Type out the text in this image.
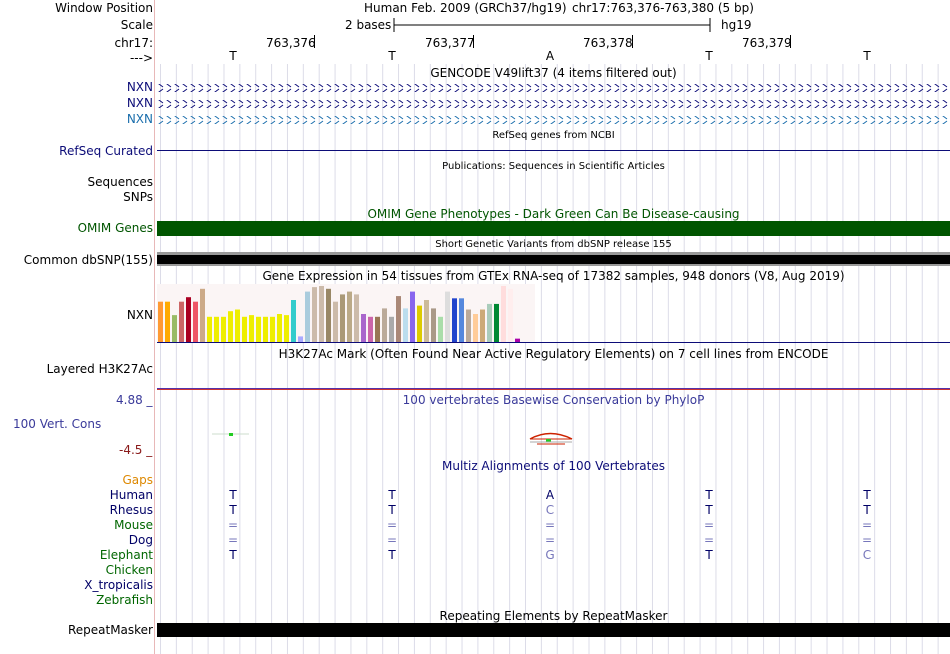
Window Position	Human Feb. 2009 (GRCh37/hg19) chr17:763,376-763,380 (5 bp)
Scale	2 bases	hg19
chr17:	763,376	763,377	763,378	763,379
--->	T	T	A	T	T
GENCODE V49lift37 (4 items filtered out)
NXN
NXN
NXN
RefSeq genes from NCBI
RefSeq Curated
Publications: Sequences in Scientific Articles
Sequences
SNPs
OMIM Gene Phenotypes - Dark Green Can Be Disease-causing
OMIM Genes
Short Genetic Variants from dbSNP release 155
Common dbSNP(155)
Gene Expression in 54 tissues from GTEx RNA-seq of 17382 samples, 948 donors (V8, Aug 2019)
NXN
H3K27Ac Mark (Often Found Near Active Regulatory Elements) on 7 cell lines from ENCODE
Layered H3K27Ac
100 vertebrates Basewise Conservation by PhyloP
4.88 _
100 Vert. Cons
-4.5 _
Multiz Alignments of 100 Vertebrates
Gaps
Human	T	T	A	T	T
Rhesus	T	T	C	T	T
Mouse	=	=	=	=	=
Dog	=	=	=	=	=
Elephant	T	T	G	T	C
Chicken
X_tropicalis
Zebrafish
Repeating Elements by RepeatMasker
RepeatMasker
